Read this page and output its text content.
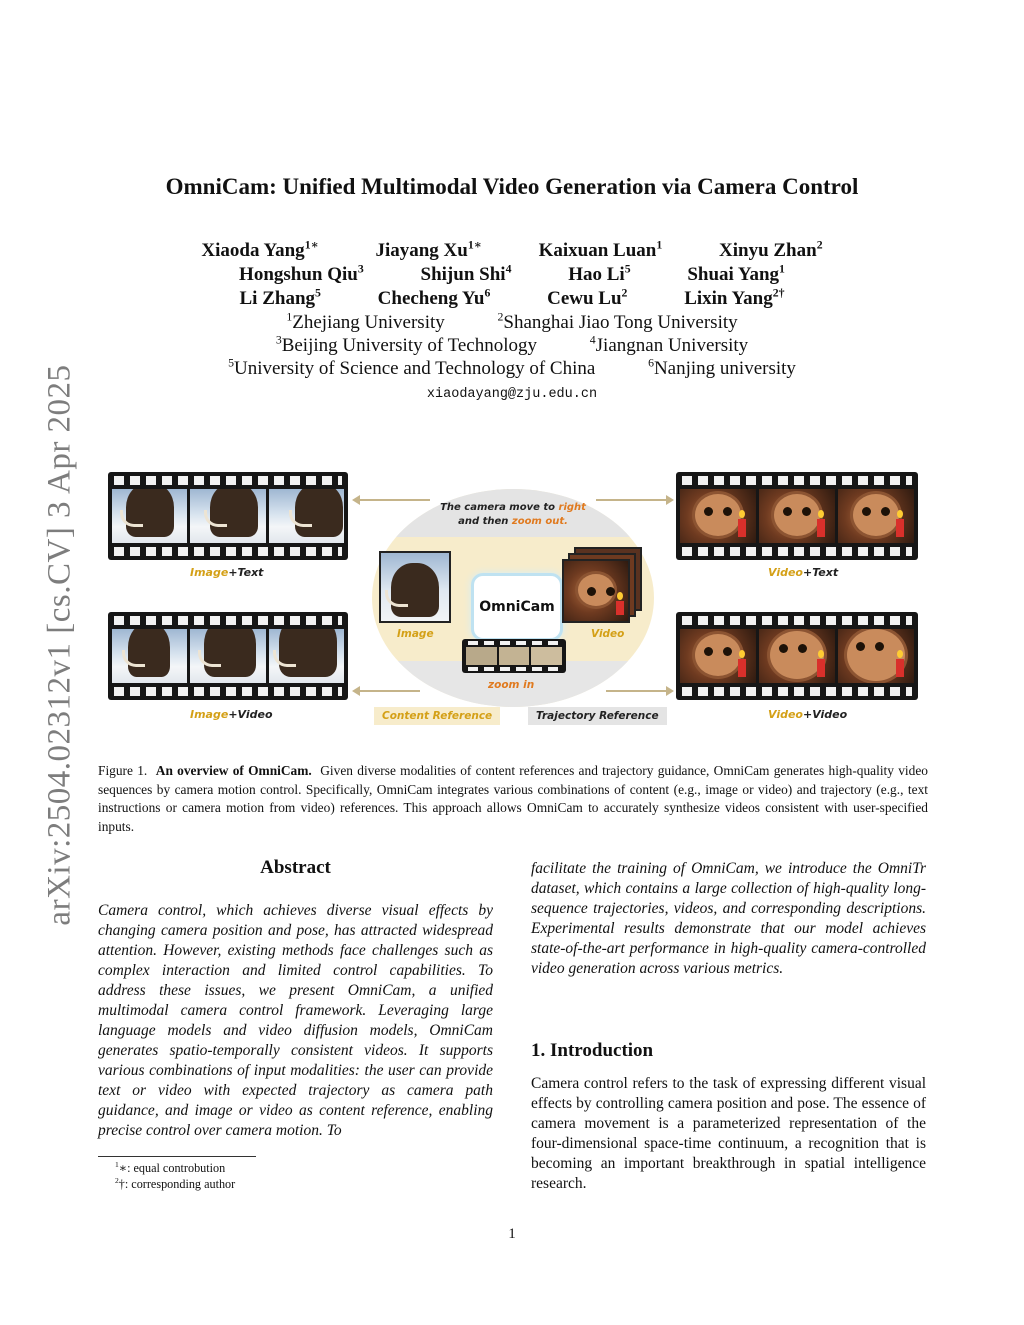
arXiv:2504.02312v1 [cs.CV] 3 Apr 2025
OmniCam: Unified Multimodal Video Generation via Camera Control
Xiaoda Yang$^{1∗}$	Jiayang $Xu^{1∗}$	Kaixuan Luan$^1$	Xinyu Zhan$^2$
Hongshun Qiu$^3$	Shijun Shi$^4$	Hao Li$^5$	Shuai Yang$^1$
Li Zhang$^5$	Checheng Yu$^6$	Cewu Lu$^2$	Lixin Yang$^{2\dagger}$
$^1$Zhejiang University	$^2$Shanghai Jiao Tong University
$^3$Beijing University of Technology	$^4$Jiangnan University
$^5$University of Science and Technology of China	$^6$Nanjing university
xiaodayang@zju.edu.cn
Image+Text
Image+Video
Video+Text
Video+Video
The camera move to right
and then zoom out.
Image
OmniCam
Video
zoom in
Content Reference	Trajectory Reference
Figure 1. An overview of OmniCam. Given diverse modalities of content references and trajectory guidance, OmniCam generates high-quality video sequences by camera motion control. Specifically, OmniCam integrates various combinations of content (e.g., image or video) and trajectory (e.g., text instructions or camera motion from video) references. This approach allows OmniCam to accurately synthesize videos consistent with user-specified inputs.
Abstract
Camera control, which achieves diverse visual effects by changing camera position and pose, has attracted widespread attention. However, existing methods face challenges such as complex interaction and limited control capabilities. To address these issues, we present OmniCam, a unified multimodal camera control framework. Leveraging large language models and video diffusion models, OmniCam generates spatio-temporally consistent videos. It supports various combinations of input modalities: the user can provide text or video with expected trajectory as camera path guidance, and image or video as content reference, enabling precise control over camera motion. To
facilitate the training of OmniCam, we introduce the OmniTr dataset, which contains a large collection of high-quality long-sequence trajectories, videos, and corresponding descriptions. Experimental results demonstrate that our model achieves state-of-the-art performance in high-quality camera-controlled video generation across various metrics.
1. Introduction
Camera control refers to the task of expressing different visual effects by controlling camera position and pose. The essence of camera movement is a parameterized representation of the four-dimensional space-time continuum, a recognition that is becoming an important breakthrough in spatial intelligence research.
$^1$∗: equal controbution
$^2$†: corresponding author
1
